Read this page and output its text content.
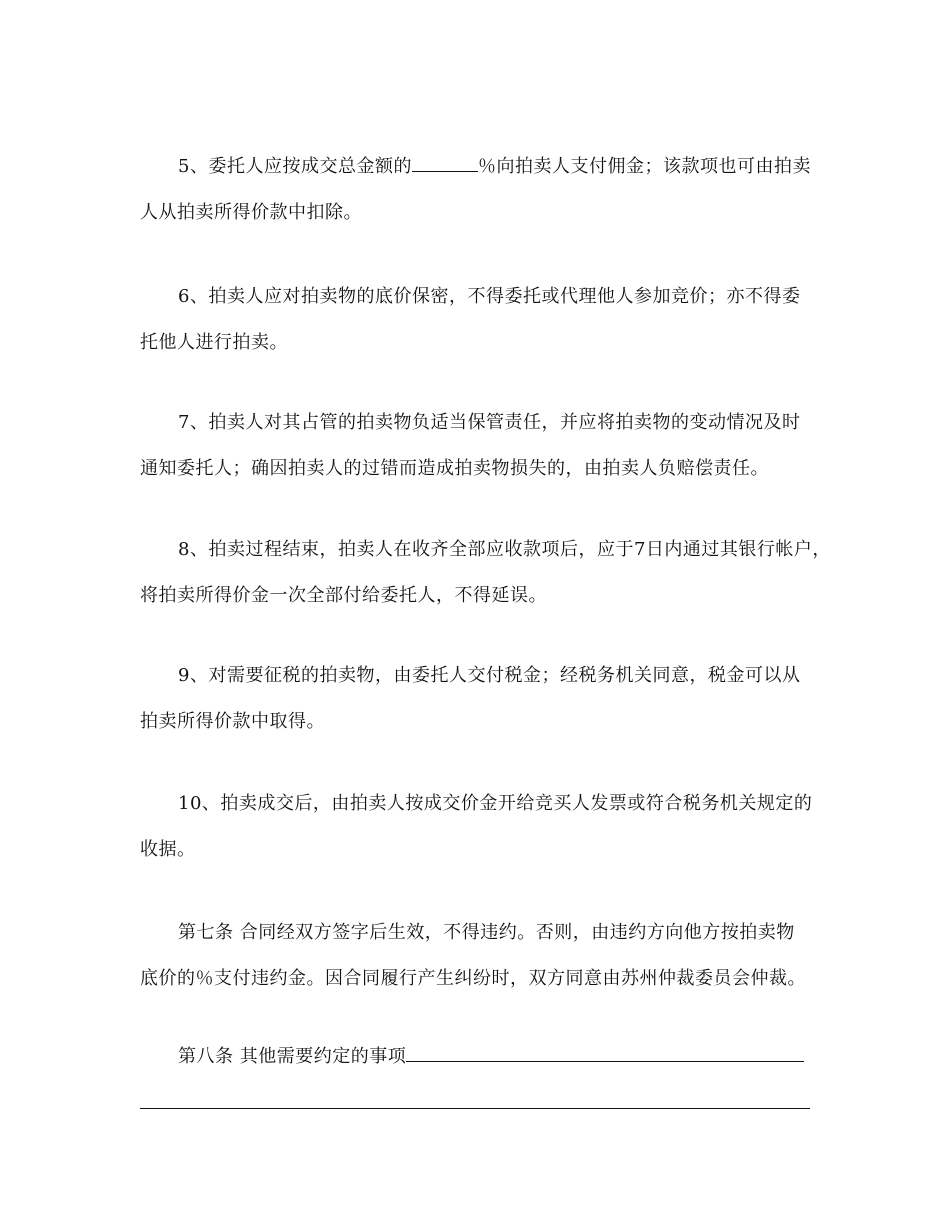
5、委托人应按成交总金额的	％向拍卖人支付佣金；该款项也可由拍卖
人从拍卖所得价款中扣除。
6、拍卖人应对拍卖物的底价保密，不得委托或代理他人参加竞价；亦不得委
托他人进行拍卖。
7、拍卖人对其占管的拍卖物负适当保管责任，并应将拍卖物的变动情况及时
通知委托人；确因拍卖人的过错而造成拍卖物损失的，由拍卖人负赔偿责任。
8、拍卖过程结束，拍卖人在收齐全部应收款项后，应于7日内通过其银行帐户，
将拍卖所得价金一次全部付给委托人，不得延误。
9、对需要征税的拍卖物，由委托人交付税金；经税务机关同意，税金可以从
拍卖所得价款中取得。
10、拍卖成交后，由拍卖人按成交价金开给竞买人发票或符合税务机关规定的
收据。
第七条 合同经双方签字后生效，不得违约。否则，由违约方向他方按拍卖物
底价的％支付违约金。因合同履行产生纠纷时，双方同意由苏州仲裁委员会仲裁。
第八条 其他需要约定的事项
